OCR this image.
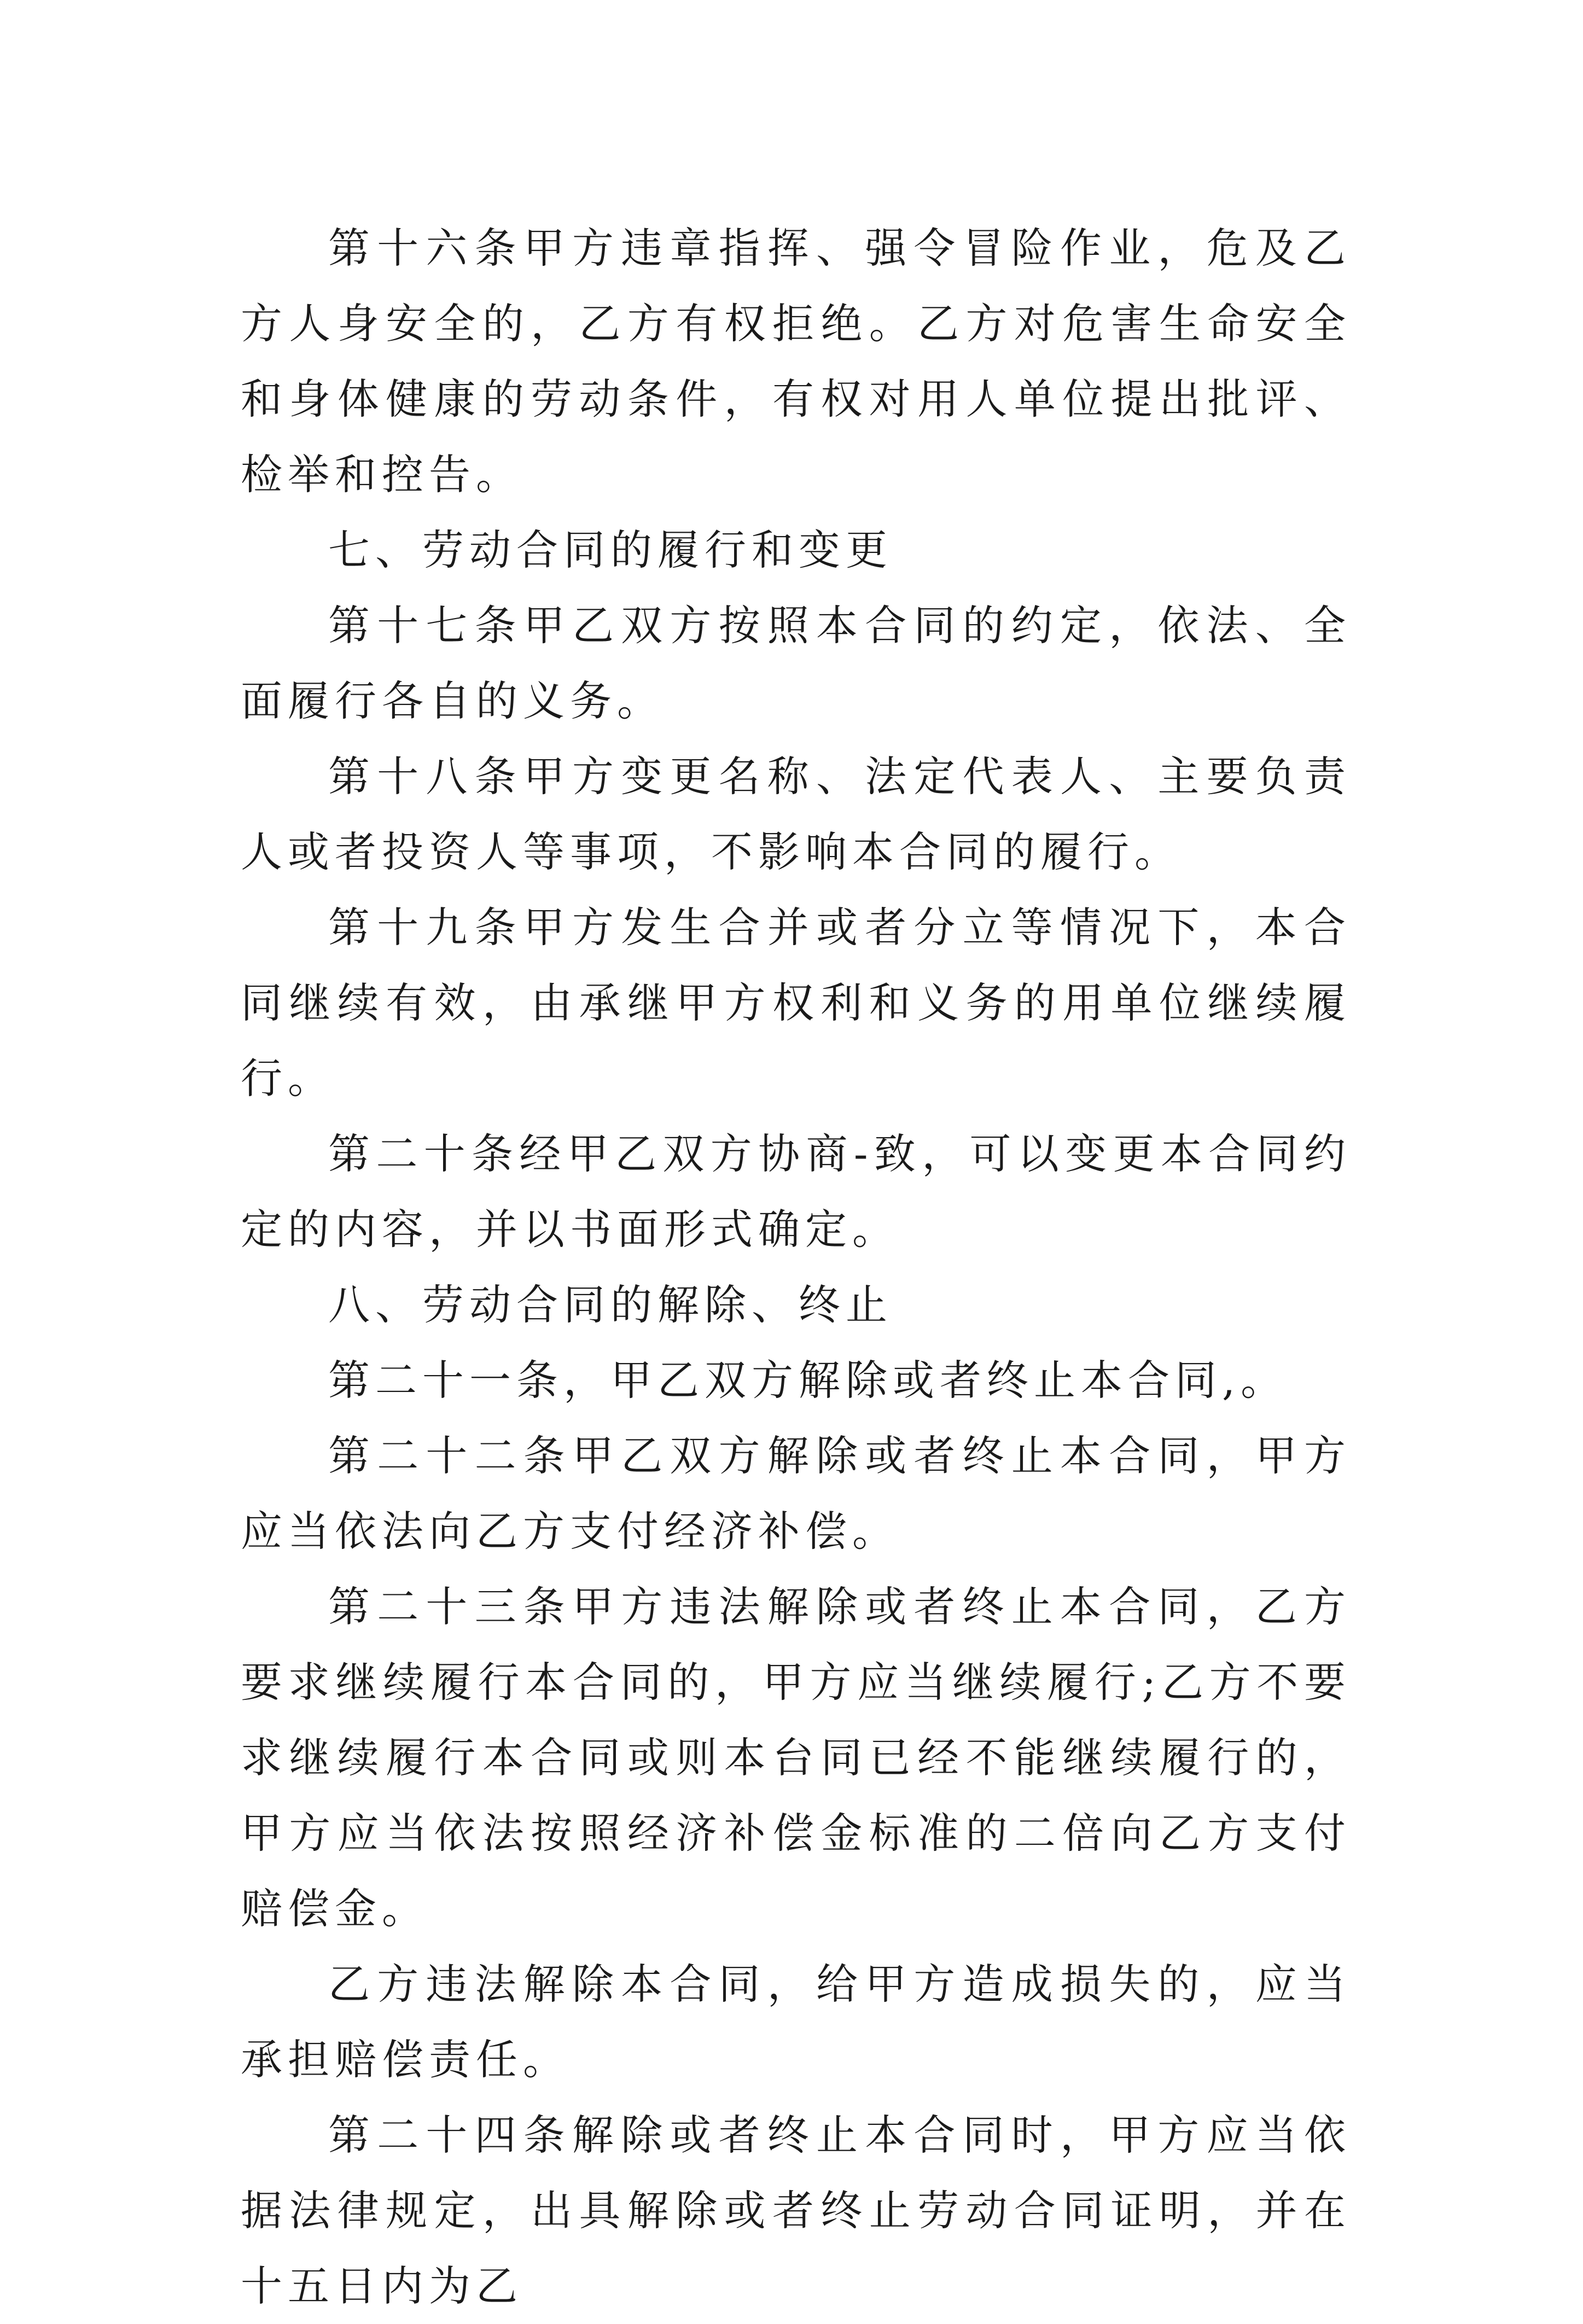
第十六条甲方违章指挥、强令冒险作业，危及乙方人身安全的，乙方有权拒绝。乙方对危害生命安全和身体健康的劳动条件，有权对用人单位提出批评、检举和控告。

七、劳动合同的履行和变更

第十七条甲乙双方按照本合同的约定，依法、全面履行各自的义务。

第十八条甲方变更名称、法定代表人、主要负责人或者投资人等事项，不影响本合同的履行。

第十九条甲方发生合并或者分立等情况下，本合同继续有效，由承继甲方权利和义务的用单位继续履行。

第二十条经甲乙双方协商-致，可以变更本合同约定的内容，并以书面形式确定。

八、劳动合同的解除、终止

第二十一条，甲乙双方解除或者终止本合同,。

第二十二条甲乙双方解除或者终止本合同，甲方应当依法向乙方支付经济补偿。

第二十三条甲方违法解除或者终止本合同，乙方要求继续履行本合同的，甲方应当继续履行;乙方不要求继续履行本合同或则本台同已经不能继续履行的，甲方应当依法按照经济补偿金标准的二倍向乙方支付赔偿金。

乙方违法解除本合同，给甲方造成损失的，应当承担赔偿责任。

第二十四条解除或者终止本合同时，甲方应当依据法律规定，出具解除或者终止劳动合同证明，并在十五日内为乙
